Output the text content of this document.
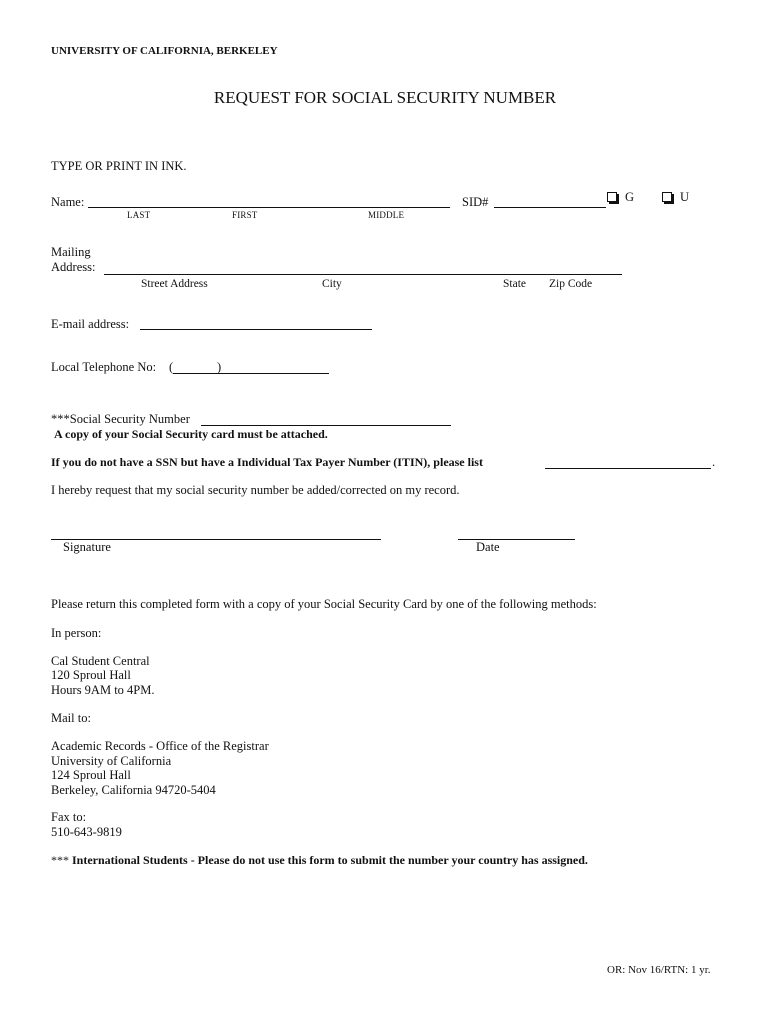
UNIVERSITY OF CALIFORNIA, BERKELEY
REQUEST FOR SOCIAL SECURITY NUMBER
TYPE OR PRINT IN INK.
Name:
LAST	FIRST	MIDDLE
SID#	G	U
Mailing
Address:
Street Address	City	State Zip Code
E-mail address:
Local Telephone No: (	)
***Social Security Number
A copy of your Social Security card must be attached.
If you do not have a SSN but have a Individual Tax Payer Number (ITIN), please list	.
I hereby request that my social security number be added/corrected on my record.
Signature	Date
Please return this completed form with a copy of your Social Security Card by one of the following methods:
In person:
Cal Student Central
120 Sproul Hall
Hours 9AM to 4PM.
Mail to:
Academic Records - Office of the Registrar
University of California
124 Sproul Hall
Berkeley, California 94720-5404
Fax to:
510-643-9819
*** International Students - Please do not use this form to submit the number your country has assigned.
OR: Nov 16/RTN: 1 yr.
